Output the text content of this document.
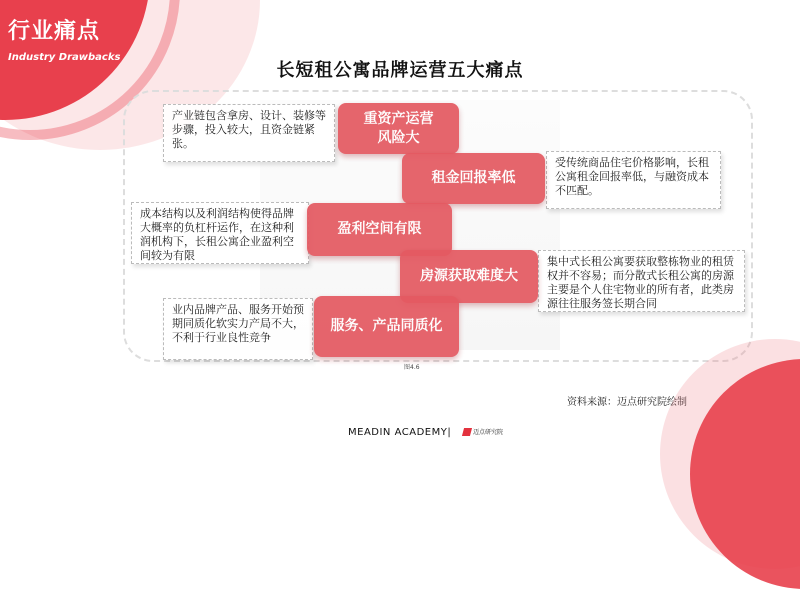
行业痛点
Industry Drawbacks
长短租公寓品牌运营五大痛点
产业链包含拿房、设计、装修等步骤，投入较大，且资金链紧张。
重资产运营
风险大
受传统商品住宅价格影响，长租公寓租金回报率低，与融资成本不匹配。
租金回报率低
成本结构以及利润结构使得品牌大概率的负杠杆运作，在这种利润机构下，长租公寓企业盈利空间较为有限
盈利空间有限
集中式长租公寓要获取整栋物业的租赁权并不容易；而分散式长租公寓的房源主要是个人住宅物业的所有者，此类房源往往服务签长期合同
房源获取难度大
业内品牌产品、服务开始预期同质化软实力产局不大，不利于行业良性竞争
服务、产品同质化
图4.6
资料来源：迈点研究院绘制
MEADIN ACADEMY|	迈点研究院
